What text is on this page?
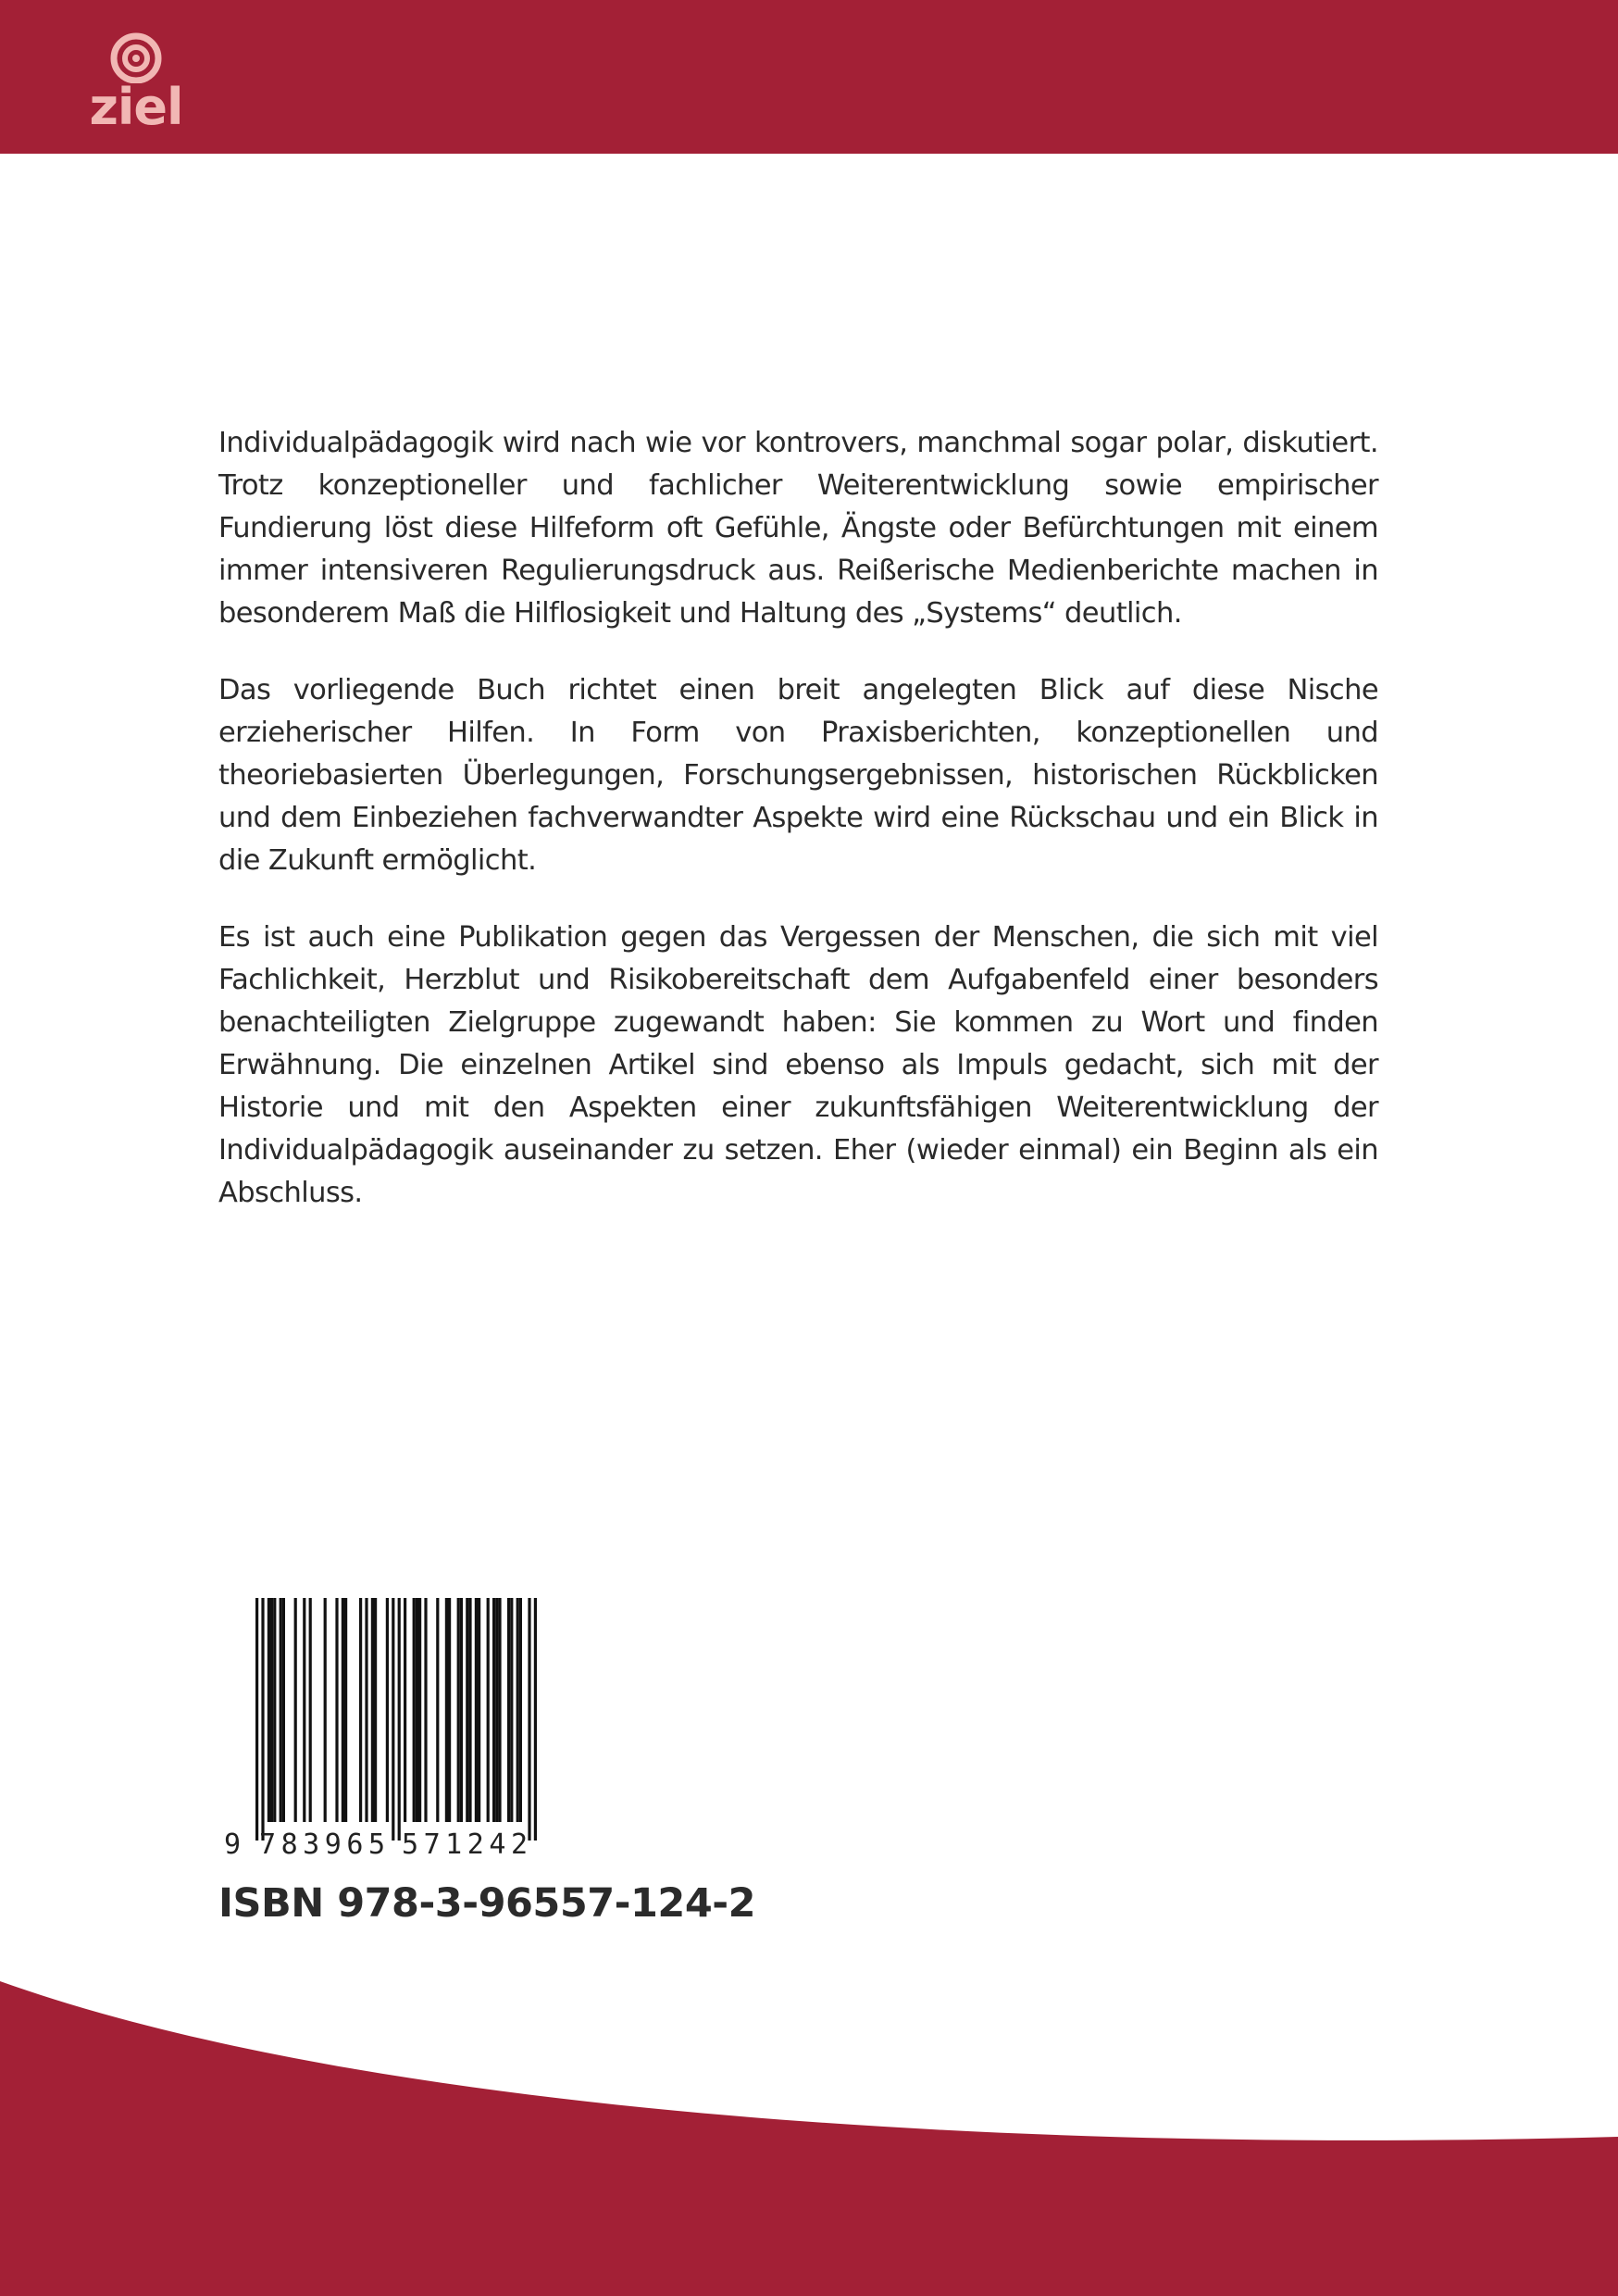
ziel

Individualpädagogik wird nach wie vor kontrovers, manchmal sogar polar, diskutiert. Trotz konzeptioneller und fachlicher Weiterentwicklung sowie empirischer Fundierung löst diese Hilfeform oft Gefühle, Ängste oder Befürchtungen mit einem immer intensiveren Regulierungsdruck aus. Reißerische Medienberichte machen in besonderem Maß die Hilflosigkeit und Haltung des „Systems“ deutlich.

Das vorliegende Buch richtet einen breit angelegten Blick auf diese Nische erzieherischer Hilfen. In Form von Praxisberichten, konzeptionellen und theoriebasierten Überlegungen, Forschungsergebnissen, historischen Rückblicken und dem Einbeziehen fachverwandter Aspekte wird eine Rückschau und ein Blick in die Zukunft ermöglicht.

Es ist auch eine Publikation gegen das Vergessen der Menschen, die sich mit viel Fachlichkeit, Herzblut und Risikobereitschaft dem Aufgabenfeld einer besonders benachteiligten Zielgruppe zugewandt haben: Sie kommen zu Wort und finden Erwähnung. Die einzelnen Artikel sind ebenso als Impuls gedacht, sich mit der Historie und mit den Aspekten einer zukunftsfähigen Weiterentwicklung der Individualpädagogik auseinander zu setzen. Eher (wieder einmal) ein Beginn als ein Abschluss.

9 783965 571242
ISBN 978-3-96557-124-2
